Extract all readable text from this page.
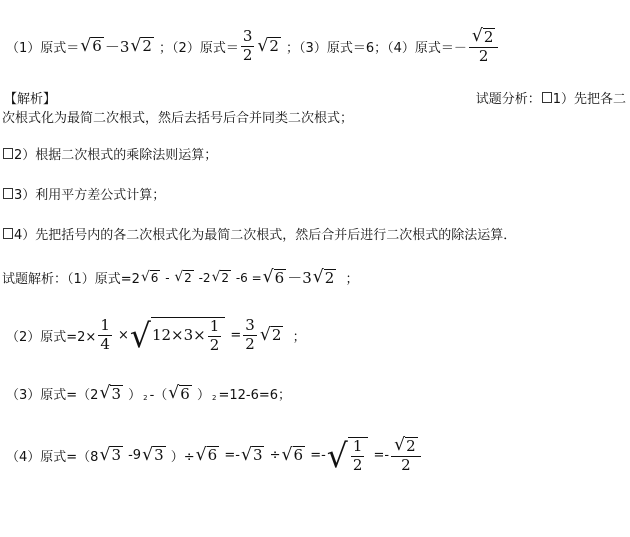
（1）原式＝ √ 6 －3 √ 2 ；（2）原式＝ $\frac{3}{2}$ √ 2 ；（3）原式＝6；（4）原式＝－ $\frac{√ 2}{2}$
【解析】	试题分析： 1）先把各二
次根式化为最简二次根式，然后去括号后合并同类二次根式；
2）根据二次根式的乘除法则运算；
3）利用平方差公式计算；
4）先把括号内的各二次根式化为最简二次根式，然后合并后进行二次根式的除法运算．
试题解析：（1）原式=2 √ 6 - √ 2 -2 √ 2 -6 = √ 6 －3 √ 2 ；
（2）原式$=2\times \frac{1}{4}$ × √ $12\times 3\times \frac{1}{2} = \frac{3}{2}$ √ 2 ；
（3）原式=（2 √ 3 ） 2 -（ √ 6 ） 2 =12-6=6；
（4）原式=（8 √ 3 -9 √ 3 ）÷ √ 6 =- √ 3 ÷ √ 6 =- √ $\frac{1}{2} =- \frac{√ 2}{2}$
